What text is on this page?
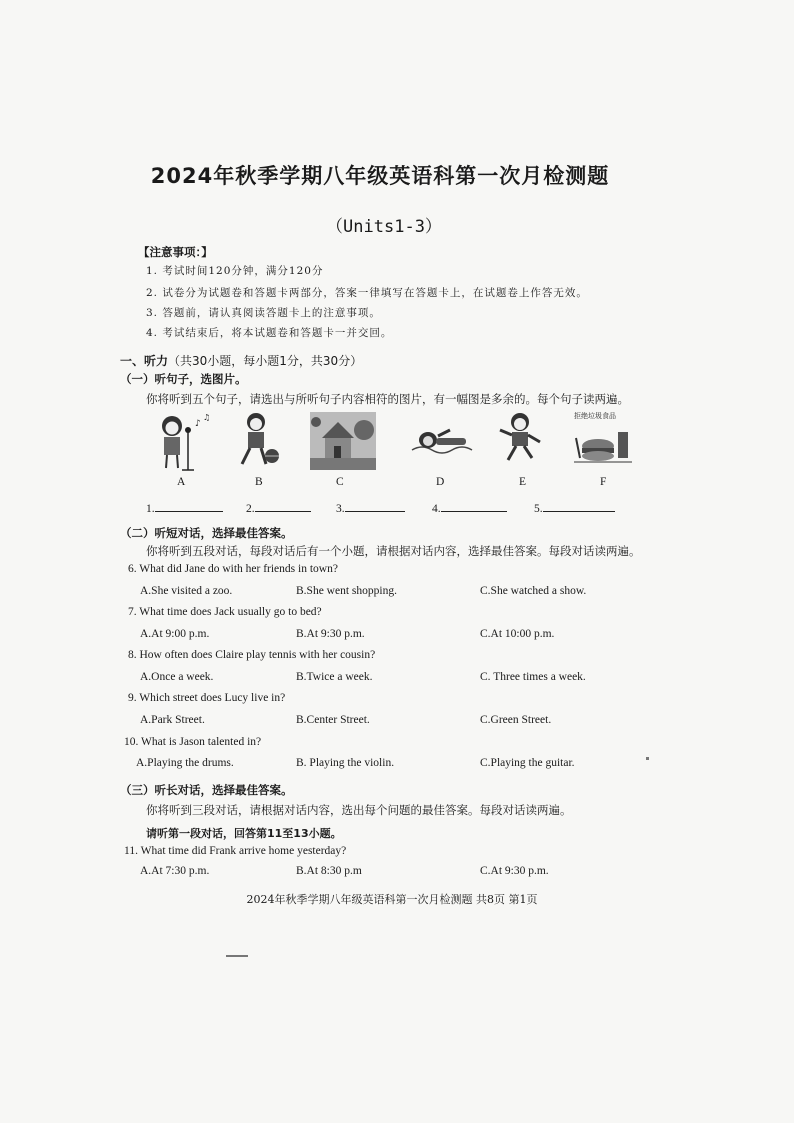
2024年秋季学期八年级英语科第一次月检测题
（Units1-3）
【注意事项：】
1. 考试时间120分钟，满分120分
2. 试卷分为试题卷和答题卡两部分，答案一律填写在答题卡上，在试题卷上作答无效。
3. 答题前，请认真阅读答题卡上的注意事项。
4. 考试结束后，将本试题卷和答题卡一并交回。
一、听力（共30小题，每小题1分，共30分）
（一）听句子，选图片。
你将听到五个句子，请选出与所听句子内容相符的图片，有一幅图是多余的。每个句子读两遍。
♪
♫	拒绝垃圾食品
A	B	C	D	E	F
1.	2.	3.	4.	5.
（二）听短对话，选择最佳答案。
你将听到五段对话，每段对话后有一个小题，请根据对话内容，选择最佳答案。每段对话读两遍。
6. What did Jane do with her friends in town?
A.She visited a zoo.	B.She went shopping.	C.She watched a show.
7. What time does Jack usually go to bed?
A.At 9:00 p.m.	B.At 9:30 p.m.	C.At 10:00 p.m.
8. How often does Claire play tennis with her cousin?
A.Once a week.	B.Twice a week.	C. Three times a week.
9. Which street does Lucy live in?
A.Park Street.	B.Center Street.	C.Green Street.
10. What is Jason talented in?
A.Playing the drums.	B. Playing the violin.	C.Playing the guitar.
（三）听长对话，选择最佳答案。
你将听到三段对话，请根据对话内容，选出每个问题的最佳答案。每段对话读两遍。
请听第一段对话，回答第11至13小题。
11. What time did Frank arrive home yesterday?
A.At 7:30 p.m.	B.At 8:30 p.m	C.At 9:30 p.m.
2024年秋季学期八年级英语科第一次月检测题 共8页 第1页
